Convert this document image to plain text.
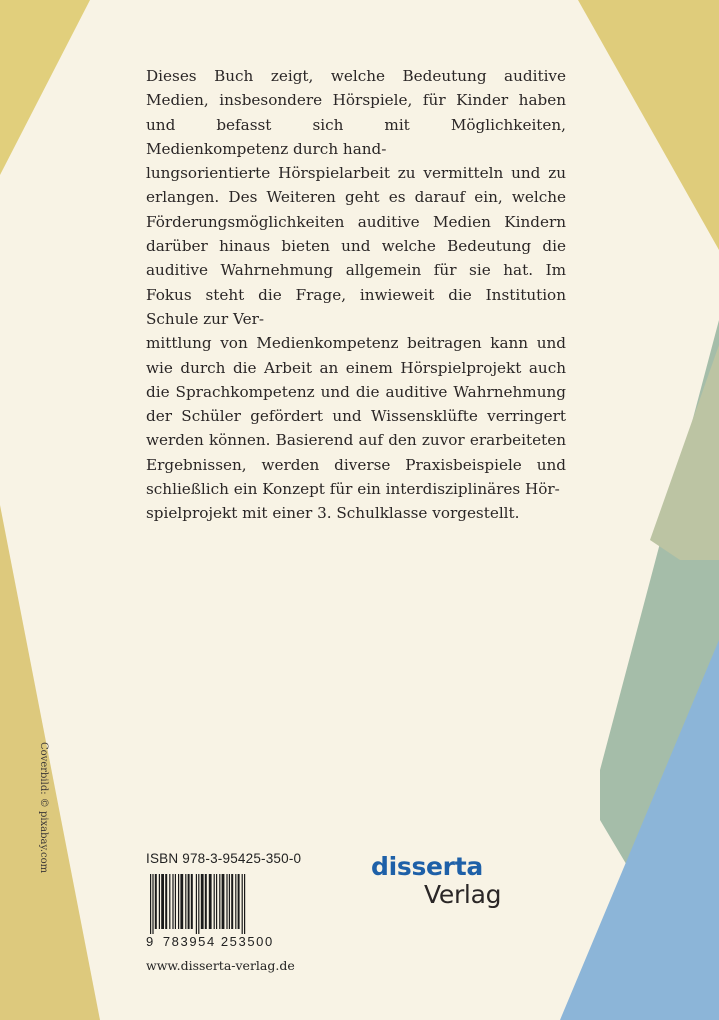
Dieses Buch zeigt, welche Bedeutung auditive Medien, insbesondere Hörspiele, für Kinder haben und befasst sich mit Möglichkeiten, Medienkompetenz durch hand-
lungsorientierte Hörspielarbeit zu vermitteln und zu erlangen. Des Weiteren geht es darauf ein, welche Förderungsmöglichkeiten auditive Medien Kindern darüber hinaus bieten und welche Bedeutung die auditive Wahrnehmung allgemein für sie hat. Im Fokus steht die Frage, inwieweit die Institution Schule zur Ver-
mittlung von Medienkompetenz beitragen kann und wie durch die Arbeit an einem Hörspielprojekt auch die Sprachkompetenz und die auditive Wahrnehmung der Schüler gefördert und Wissensklüfte verringert werden können. Basierend auf den zuvor erarbeiteten Ergebnissen, werden diverse Praxisbeispiele und schließlich ein Konzept für ein interdisziplinäres Hör-
spielprojekt mit einer 3. Schulklasse vorgestellt.

Coverbild: © pixabay.com	ISBN 978-3-95425-350-0
9 783954 253500
www.disserta-verlag.de
disserta
Verlag
